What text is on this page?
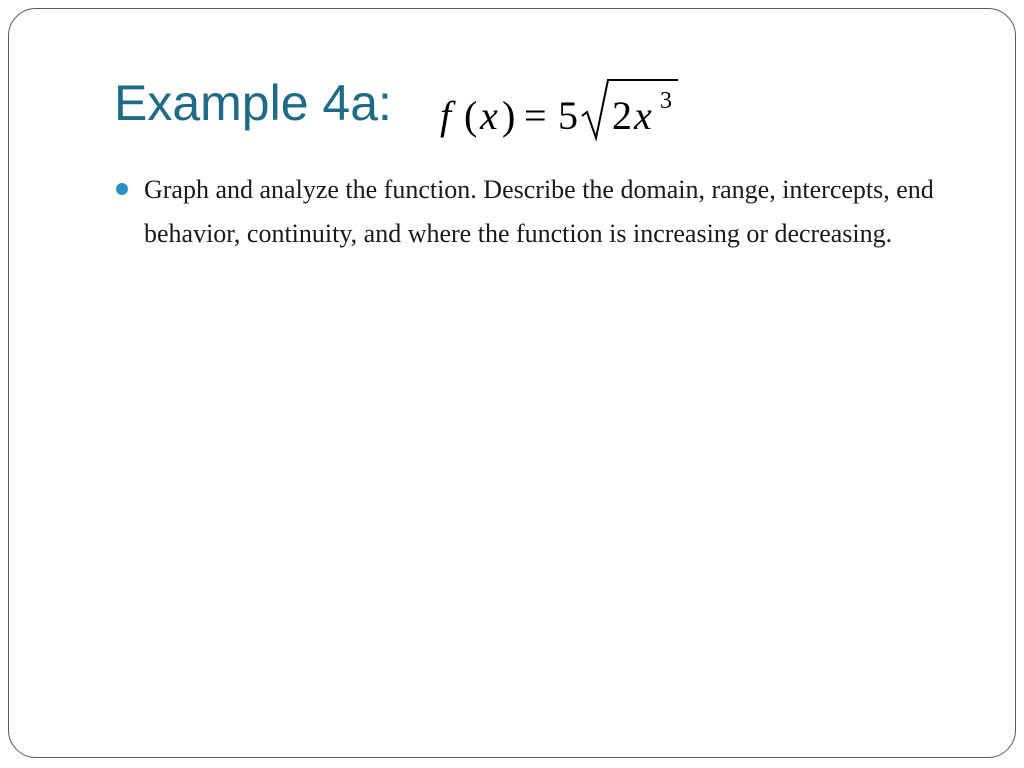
Example 4a: f ( x ) = 5 2 x 3
Graph and analyze the function. Describe the domain, range, intercepts, end behavior, continuity, and where the function is increasing or decreasing.
